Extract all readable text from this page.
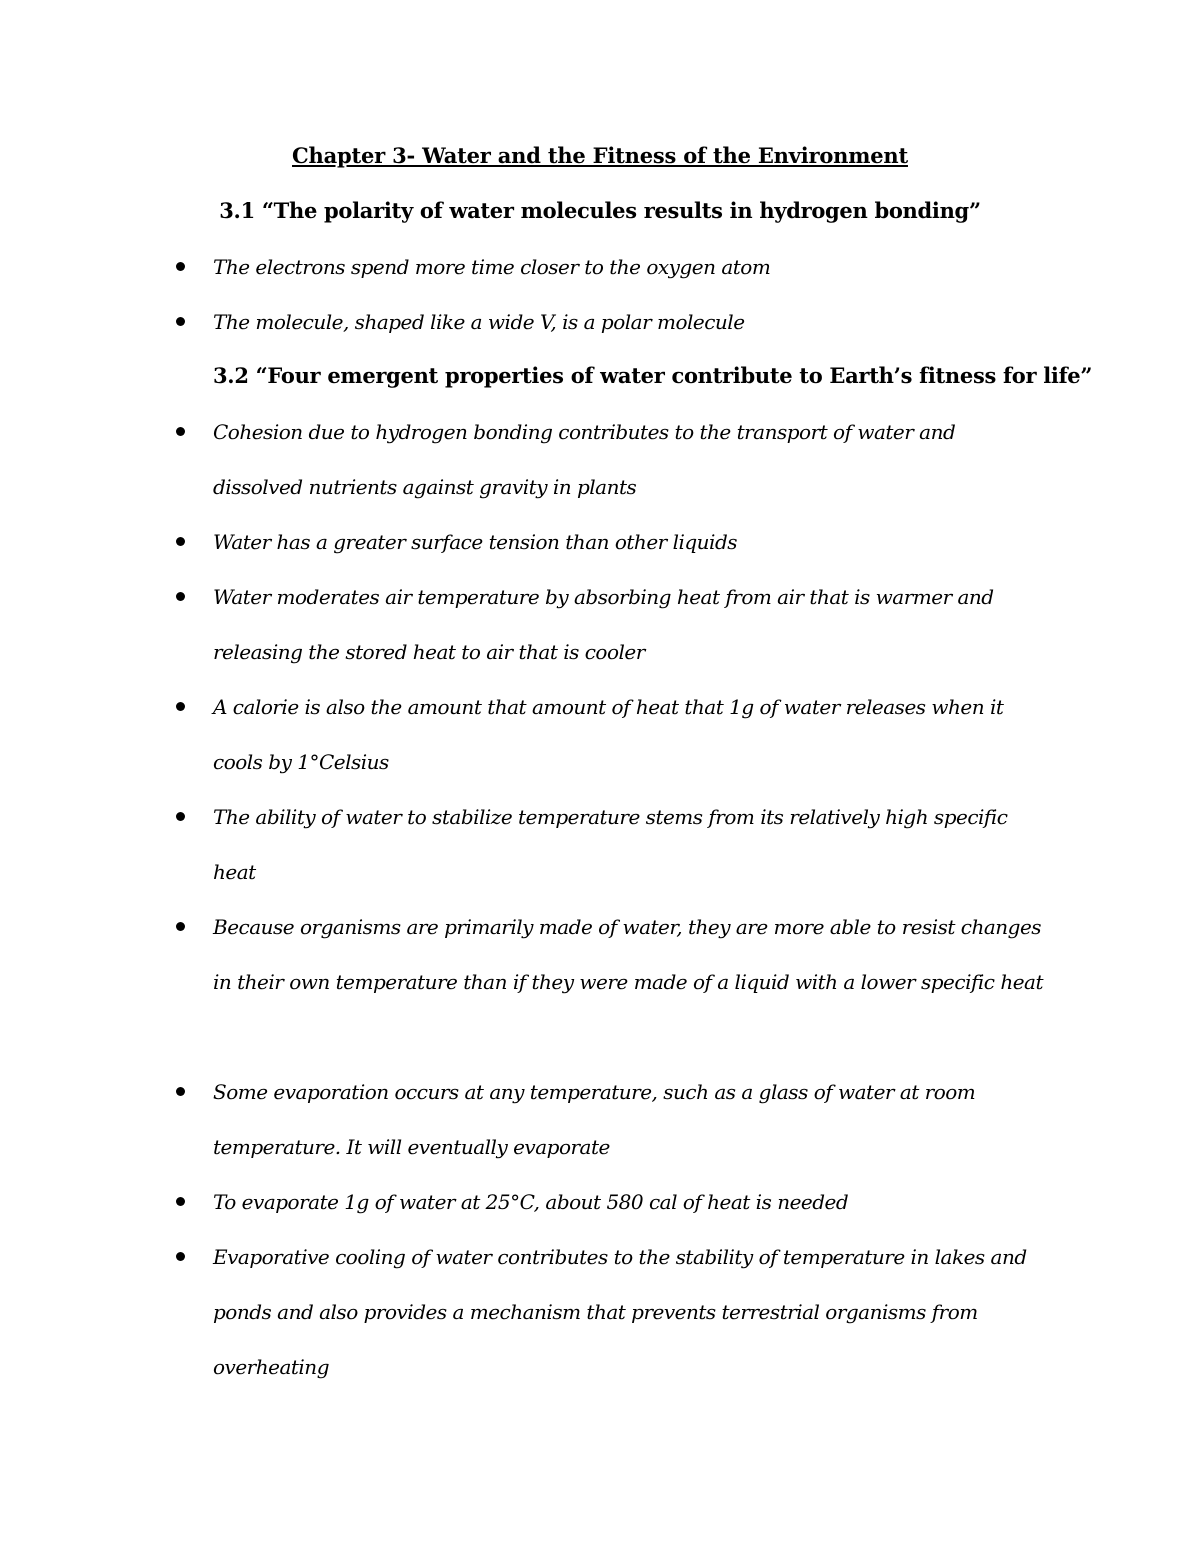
Chapter 3- Water and the Fitness of the Environment
3.1 “The polarity of water molecules results in hydrogen bonding”
The electrons spend more time closer to the oxygen atom
The molecule, shaped like a wide V, is a polar molecule
3.2 “Four emergent properties of water contribute to Earth’s fitness for life”
Cohesion due to hydrogen bonding contributes to the transport of water and dissolved nutrients against gravity in plants
Water has a greater surface tension than other liquids
Water moderates air temperature by absorbing heat from air that is warmer and releasing the stored heat to air that is cooler
A calorie is also the amount that amount of heat that 1g of water releases when it cools by 1°Celsius
The ability of water to stabilize temperature stems from its relatively high specific heat
Because organisms are primarily made of water, they are more able to resist changes in their own temperature than if they were made of a liquid with a lower specific heat
Some evaporation occurs at any temperature, such as a glass of water at room temperature. It will eventually evaporate
To evaporate 1g of water at 25°C, about 580 cal of heat is needed
Evaporative cooling of water contributes to the stability of temperature in lakes and ponds and also provides a mechanism that prevents terrestrial organisms from overheating
